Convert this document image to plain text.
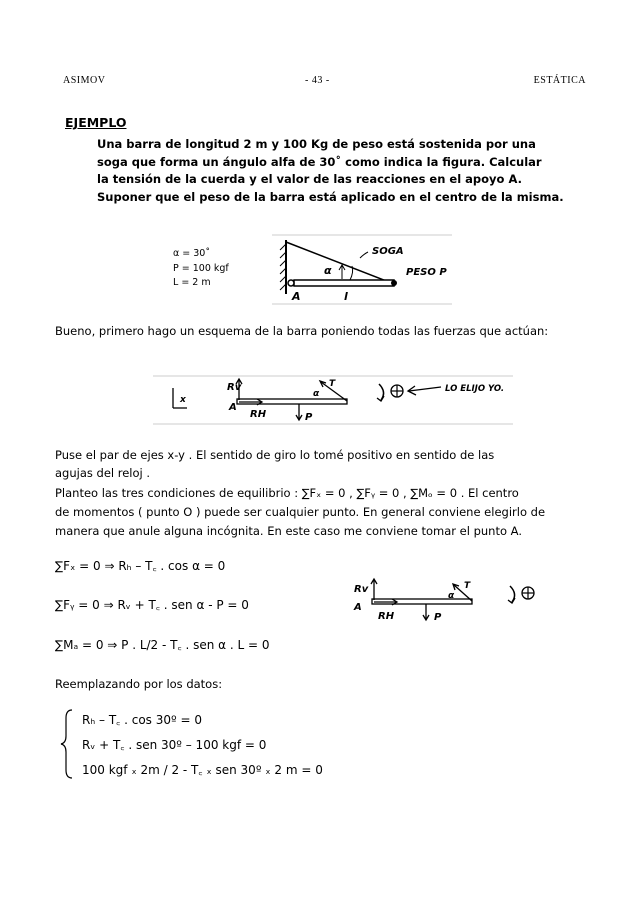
ASIMOV	- 43 -	ESTÁTICA
EJEMPLO
Una barra de longitud 2 m y 100 Kg de peso está sostenida por una
soga que forma un ángulo alfa de 30˚ como indica la figura. Calcular
la tensión de la cuerda y el valor de las reacciones en el apoyo A.
Suponer que el peso de la barra está aplicado en el centro de la misma.
α = 30˚
P = 100 kgf
L = 2 m
SOGA
α	PESO P
A	l
Bueno, primero hago un esquema de la barra poniendo todas las fuerzas que actúan:
x
Rv
A
RH	P
T
α	LO ELIJO YO.
Puse el par de ejes x-y . El sentido de giro lo tomé positivo en sentido de las
agujas del reloj .
Planteo las tres condiciones de equilibrio : ∑Fₓ = 0 , ∑Fᵧ = 0 , ∑Mₒ = 0 . El centro
de momentos ( punto O ) puede ser cualquier punto. En general conviene elegirlo de
manera que anule alguna incógnita. En este caso me conviene tomar el punto A.
∑Fₓ = 0 ⇒ Rₕ – T꜀ . cos α = 0
∑Fᵧ = 0 ⇒ Rᵥ + T꜀ . sen α - P = 0
∑Mₐ = 0 ⇒ P . L/2 - T꜀ . sen α . L = 0
Rv
A
RH	P
T
α
Reemplazando por los datos:
Rₕ – T꜀ . cos 30º = 0
Rᵥ + T꜀ . sen 30º – 100 kgf = 0
100 kgf ₓ 2m / 2 - T꜀ ₓ sen 30º ₓ 2 m = 0
